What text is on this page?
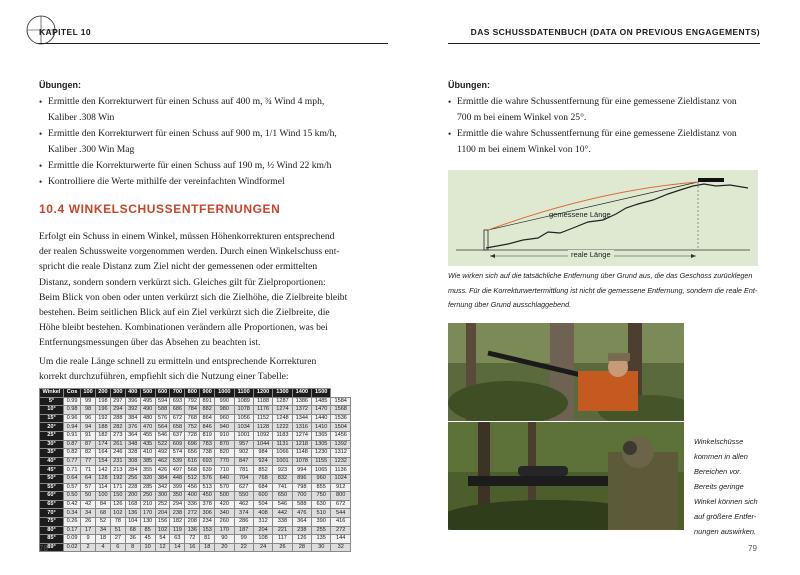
KAPITEL 10	DAS SCHUSSDATENBUCH (DATA ON PREVIOUS ENGAGEMENTS)
Übungen:
• Ermittle den Korrekturwert für einen Schuss auf 400 m, ¾ Wind 4 mph,
Kaliber .308 Win
• Ermittle den Korrekturwert für einen Schuss auf 900 m, 1/1 Wind 15 km/h,
Kaliber .300 Win Mag
• Ermittle die Korrekturwerte für einen Schuss auf 190 m, ½ Wind 22 km/h
• Kontrolliere die Werte mithilfe der vereinfachten Windformel
10.4 WINKELSCHUSSENTFERNUNGEN
Erfolgt ein Schuss in einem Winkel, müssen Höhenkorrekturen entsprechend
der realen Schussweite vorgenommen werden. Durch einen Winkelschuss ent-
spricht die reale Distanz zum Ziel nicht der gemessenen oder ermittelten
Distanz, sondern sondern verkürzt sich. Gleiches gilt für Zielproportionen:
Beim Blick von oben oder unten verkürzt sich die Zielhöhe, die Zielbreite bleibt
bestehen. Beim seitlichen Blick auf ein Ziel verkürzt sich die Zielbreite, die
Höhe bleibt bestehen. Kombinationen verändern alle Proportionen, was bei
Entfernungsmessungen über das Absehen zu beachten ist.
Um die reale Länge schnell zu ermitteln und entsprechende Korrekturen
korrekt durchzuführen, empfiehlt sich die Nutzung einer Tabelle:
Winkel	Cos	100	200	300	400	500	600	700	800	900	1000	1100	1200	1300	1400	1500	
5°	0.99	99	198	297	396	495	594	693	792	891	990	1089	1188	1287	1386	1485	1584
10°	0.98	98	196	294	392	490	588	686	784	882	980	1078	1176	1274	1372	1470	1568
15°	0.96	96	192	288	384	480	576	672	768	864	960	1056	1152	1248	1344	1440	1536
20°	0.94	94	188	282	376	470	564	658	752	846	940	1034	1128	1222	1316	1410	1504
25°	0.91	91	182	273	364	455	546	637	728	819	910	1001	1092	1183	1274	1365	1456
30°	0.87	87	174	261	348	435	522	609	696	783	870	957	1044	1131	1218	1305	1392
35°	0.82	82	164	246	328	410	492	574	656	738	820	902	984	1066	1148	1230	1312
40°	0.77	77	154	231	308	385	462	539	616	693	770	847	924	1001	1078	1155	1232
45°	0.71	71	142	213	284	355	426	497	568	639	710	781	852	923	994	1065	1136
50°	0.64	64	128	192	256	320	384	448	512	576	640	704	768	832	896	960	1024
55°	0.57	57	114	171	228	285	342	399	456	513	570	627	684	741	798	855	912
60°	0.50	50	100	150	200	250	300	350	400	450	500	550	600	650	700	750	800
65°	0.42	42	84	126	168	210	252	294	336	378	420	462	504	546	588	630	672
70°	0.34	34	68	102	136	170	204	238	272	306	340	374	408	442	476	510	544
75°	0.26	26	52	78	104	130	156	182	208	234	260	286	312	338	364	390	416
80°	0.17	17	34	51	68	85	102	119	136	153	170	187	204	221	238	255	272
85°	0.09	9	18	27	36	45	54	63	72	81	90	99	108	117	126	135	144
89°	0.02	2	4	6	8	10	12	14	16	18	20	22	24	26	28	30	32
78
Übungen:
• Ermittle die wahre Schussentfernung für eine gemessene Zieldistanz von
700 m bei einem Winkel von 25°.
• Ermittle die wahre Schussentfernung für eine gemessene Zieldistanz von
1100 m bei einem Winkel von 10°.
gemessene Länge
reale Länge
Wie wirken sich auf die tatsächliche Entfernung über Grund aus, die das Geschoss zurücklegen
muss. Für die Korrekturwertermittlung ist nicht die gemessene Entfernung, sondern die reale Ent-
fernung über Grund ausschlaggebend.
Winkelschüsse
kommen in allen
Bereichen vor.
Bereits geringe
Winkel können sich
auf größere Entfer-
nungen auswirken.
79
